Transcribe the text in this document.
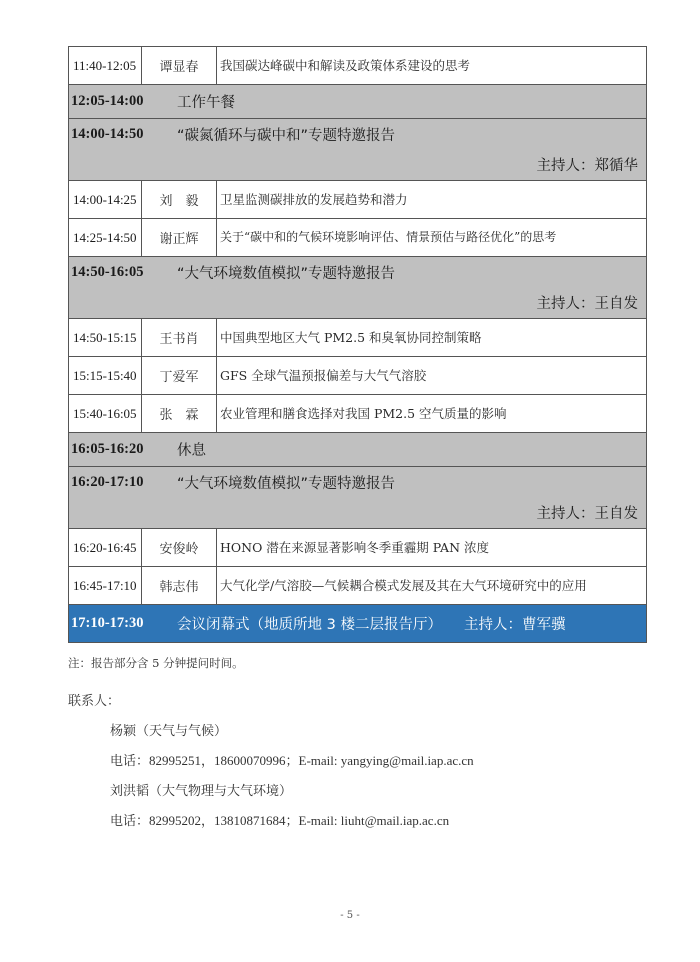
11:40-12:05	谭显春	我国碳达峰碳中和解读及政策体系建设的思考
12:05-14:00	工作午餐
14:00-14:50	“碳氮循环与碳中和”专题特邀报告
主持人：郑循华
14:00-14:25	刘　毅	卫星监测碳排放的发展趋势和潜力
14:25-14:50	谢正辉	关于“碳中和的气候环境影响评估、情景预估与路径优化”的思考
14:50-16:05	“大气环境数值模拟”专题特邀报告
主持人：王自发
14:50-15:15	王书肖	中国典型地区大气 PM2.5 和臭氧协同控制策略
15:15-15:40	丁爱军	GFS 全球气温预报偏差与大气气溶胶
15:40-16:05	张　霖	农业管理和膳食选择对我国 PM2.5 空气质量的影响
16:05-16:20	休息
16:20-17:10	“大气环境数值模拟”专题特邀报告
主持人：王自发
16:20-16:45	安俊岭	HONO 潜在来源显著影响冬季重霾期 PAN 浓度
16:45-17:10	韩志伟	大气化学/气溶胶—气候耦合模式发展及其在大气环境研究中的应用
17:10-17:30	会议闭幕式（地质所地 3 楼二层报告厅） 主持人：曹军骥
注：报告部分含 5 分钟提问时间。
联系人：
杨颖（天气与气候）
电话：82995251，18600070996；E-mail: yangying@mail.iap.ac.cn
刘洪韬（大气物理与大气环境）
电话：82995202，13810871684；E-mail: liuht@mail.iap.ac.cn
- 5 -
